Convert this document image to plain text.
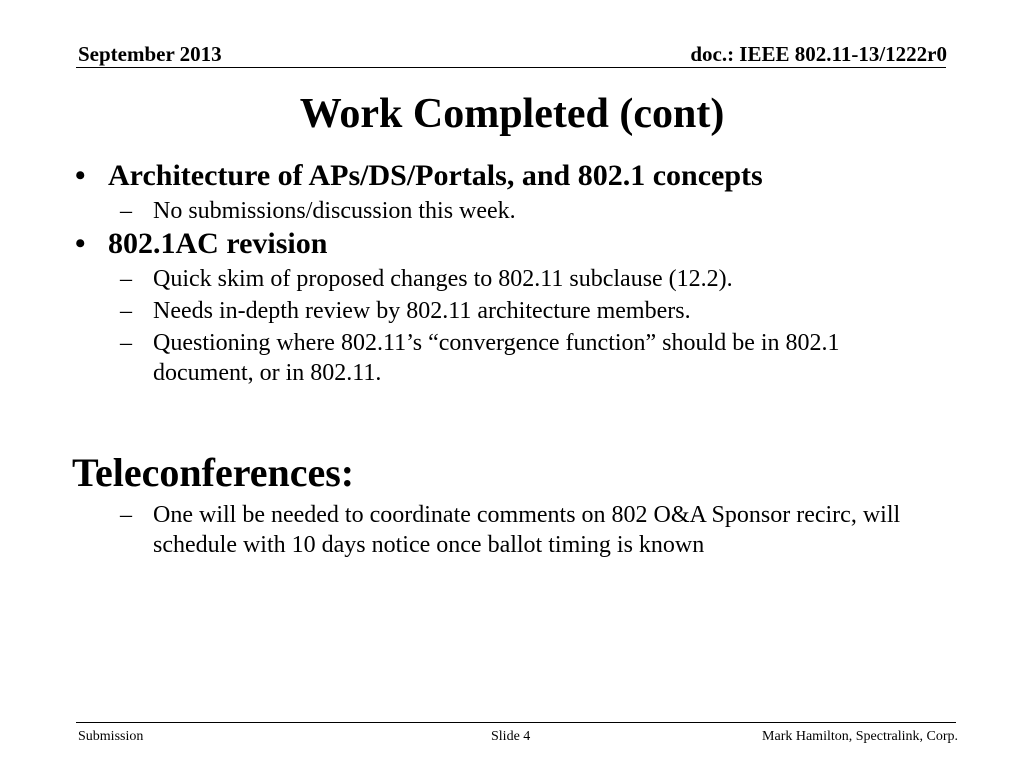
September 2013	doc.: IEEE 802.11-13/1222r0
Work Completed (cont)
• Architecture of APs/DS/Portals, and 802.1 concepts
– No submissions/discussion this week.
• 802.1AC revision
– Quick skim of proposed changes to 802.11 subclause (12.2).
– Needs in-depth review by 802.11 architecture members.
– Questioning where 802.11’s “convergence function” should be in 802.1 document, or in 802.11.
Teleconferences:
– One will be needed to coordinate comments on 802 O&A Sponsor recirc, will schedule with 10 days notice once ballot timing is known
Submission	Slide 4	Mark Hamilton, Spectralink, Corp.
